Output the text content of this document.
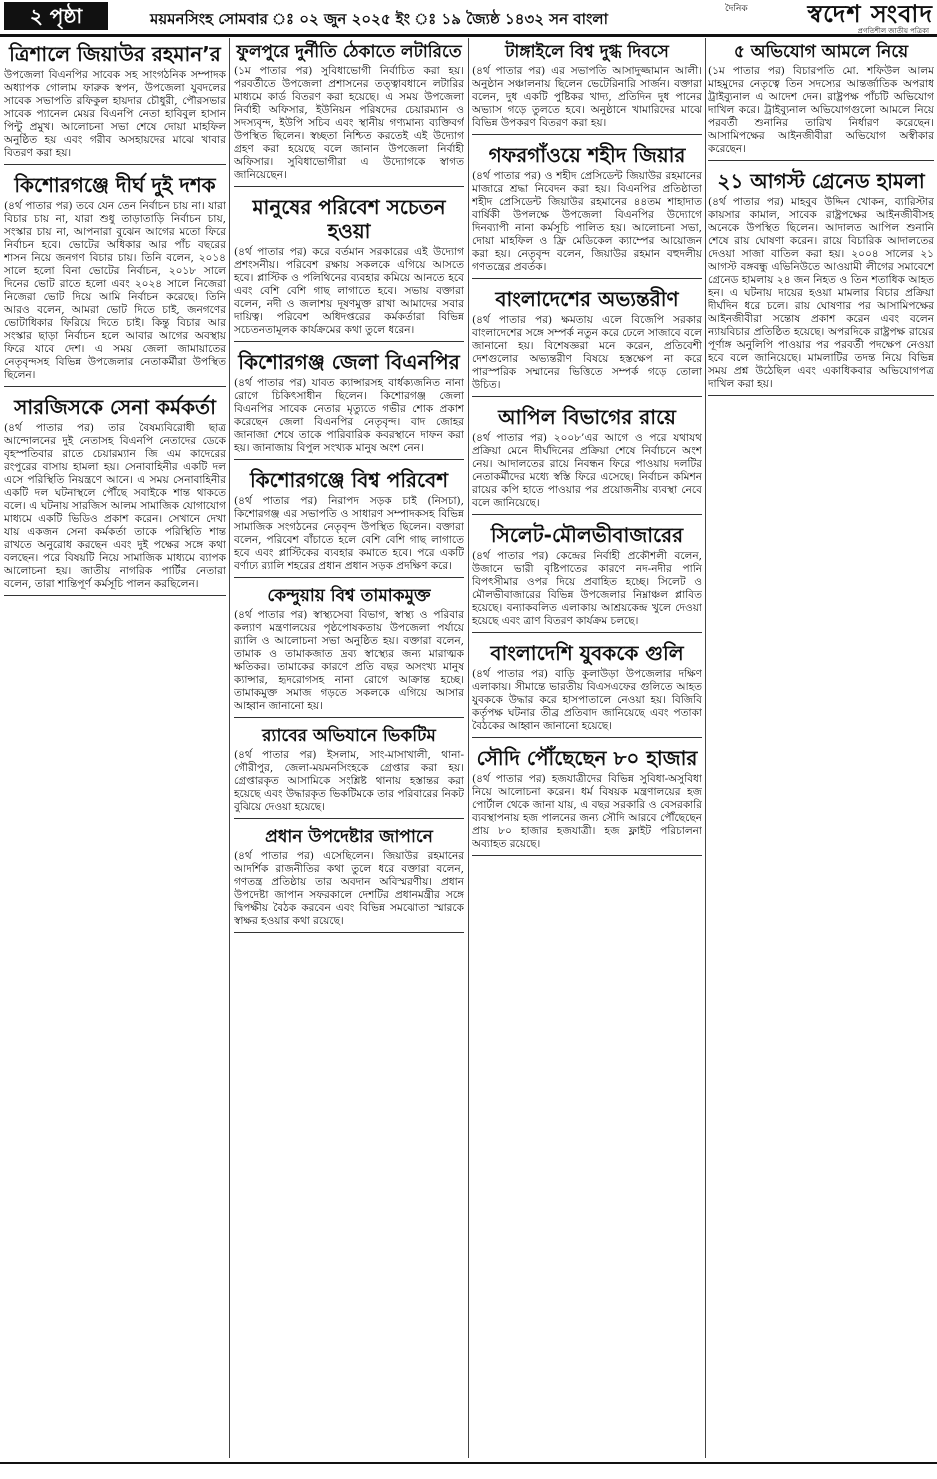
২ পৃষ্ঠা	ময়মনসিংহ সোমবার ঃ ০২ জুন ২০২৫ ইং ঃ ১৯ জ্যৈষ্ঠ ১৪৩২ সন বাংলা
দৈনিক	স্বদেশ সংবাদ
প্রগতিশীল জাতীয় পত্রিকা
ত্রিশালে জিয়াউর রহমান’র

উপজেলা বিএনপির সাবেক সহ সাংগঠনিক সম্পাদক অধ্যাপক গোলাম ফারুক স্বপন, উপজেলা যুবদলের সাবেক সভাপতি রফিকুল হায়দার চৌধুরী, পৌরসভার সাবেক প্যানেল মেয়র বিএনপি নেতা হাবিবুল হাসান পিন্টু প্রমুখ। আলোচনা সভা শেষে দোয়া মাহফিল অনুষ্ঠিত হয় এবং গরীব অসহায়দের মাঝে খাবার বিতরণ করা হয়।

কিশোরগঞ্জে দীর্ঘ দুই দশক

(৪র্থ পাতার পর) তবে যেন তেন নির্বাচন চায় না। যারা বিচার চায় না, যারা শুধু তাড়াতাড়ি নির্বাচন চায়, সংস্কার চায় না, আপনারা বুঝেন আগের মতো ফিরে নির্বাচন হবে। ভোটের অধিকার আর পাঁচ বছরের শাসন নিয়ে জনগণ বিচার চায়। তিনি বলেন, ২০১৪ সালে হলো বিনা ভোটের নির্বাচন, ২০১৮ সালে দিনের ভোট রাতে হলো এবং ২০২৪ সালে নিজেরা নিজেরা ভোট দিয়ে আমি নির্বাচন করেছে। তিনি আরও বলেন, আমরা ভোট দিতে চাই, জনগণের ভোটাধিকার ফিরিয়ে দিতে চাই। কিন্তু বিচার আর সংস্কার ছাড়া নির্বাচন হলে আবার আগের অবস্থায় ফিরে যাবে দেশ। এ সময় জেলা জামায়াতের নেতৃবৃন্দসহ বিভিন্ন উপজেলার নেতাকর্মীরা উপস্থিত ছিলেন।

সারজিসকে সেনা কর্মকর্তা

(৪র্থ পাতার পর) তার বৈষম্যবিরোধী ছাত্র আন্দোলনের দুই নেতাসহ বিএনপি নেতাদের ডেকে বৃহস্পতিবার রাতে চেয়ারম্যান জি এম কাদেরের রংপুরের বাসায় হামলা হয়। সেনাবাহিনীর একটি দল এসে পরিস্থিতি নিয়ন্ত্রণে আনে। এ সময় সেনাবাহিনীর একটি দল ঘটনাস্থলে পৌঁছে সবাইকে শান্ত থাকতে বলে। এ ঘটনায় সারজিস আলম সামাজিক যোগাযোগ মাধ্যমে একটি ভিডিও প্রকাশ করেন। সেখানে দেখা যায় একজন সেনা কর্মকর্তা তাকে পরিস্থিতি শান্ত রাখতে অনুরোধ করছেন এবং দুই পক্ষের সঙ্গে কথা বলছেন। পরে বিষয়টি নিয়ে সামাজিক মাধ্যমে ব্যাপক আলোচনা হয়। জাতীয় নাগরিক পার্টির নেতারা বলেন, তারা শান্তিপূর্ণ কর্মসূচি পালন করছিলেন।

ফুলপুরে দুর্নীতি ঠেকাতে লটারিতে

(১ম পাতার পর) সুবিধাভোগী নির্বাচিত করা হয়। পরবর্তীতে উপজেলা প্রশাসনের তত্ত্বাবধানে লটারির মাধ্যমে কার্ড বিতরণ করা হয়েছে। এ সময় উপজেলা নির্বাহী অফিসার, ইউনিয়ন পরিষদের চেয়ারম্যান ও সদস্যবৃন্দ, ইউপি সচিব এবং স্থানীয় গণ্যমান্য ব্যক্তিবর্গ উপস্থিত ছিলেন। স্বচ্ছতা নিশ্চিত করতেই এই উদ্যোগ গ্রহণ করা হয়েছে বলে জানান উপজেলা নির্বাহী অফিসার। সুবিধাভোগীরা এ উদ্যোগকে স্বাগত জানিয়েছেন।

মানুষের পরিবেশ সচেতন হওয়া

(৪র্থ পাতার পর) করে বর্তমান সরকারের এই উদ্যোগ প্রশংসনীয়। পরিবেশ রক্ষায় সকলকে এগিয়ে আসতে হবে। প্লাস্টিক ও পলিথিনের ব্যবহার কমিয়ে আনতে হবে এবং বেশি বেশি গাছ লাগাতে হবে। সভায় বক্তারা বলেন, নদী ও জলাশয় দূষণমুক্ত রাখা আমাদের সবার দায়িত্ব। পরিবেশ অধিদপ্তরের কর্মকর্তারা বিভিন্ন সচেতনতামূলক কার্যক্রমের কথা তুলে ধরেন।

কিশোরগঞ্জ জেলা বিএনপির

(৪র্থ পাতার পর) যাবত ক্যান্সারসহ বার্ধক্যজনিত নানা রোগে চিকিৎসাধীন ছিলেন। কিশোরগঞ্জ জেলা বিএনপির সাবেক নেতার মৃত্যুতে গভীর শোক প্রকাশ করেছেন জেলা বিএনপির নেতৃবৃন্দ। বাদ জোহর জানাজা শেষে তাকে পারিবারিক কবরস্থানে দাফন করা হয়। জানাজায় বিপুল সংখ্যক মানুষ অংশ নেন।

কিশোরগঞ্জে বিশ্ব পরিবেশ

(৪র্থ পাতার পর) নিরাপদ সড়ক চাই (নিসচা), কিশোরগঞ্জ এর সভাপতি ও সাধারণ সম্পাদকসহ বিভিন্ন সামাজিক সংগঠনের নেতৃবৃন্দ উপস্থিত ছিলেন। বক্তারা বলেন, পরিবেশ বাঁচাতে হলে বেশি বেশি গাছ লাগাতে হবে এবং প্লাস্টিকের ব্যবহার কমাতে হবে। পরে একটি বর্ণাঢ্য র‍্যালি শহরের প্রধান প্রধান সড়ক প্রদক্ষিণ করে।

কেন্দুয়ায় বিশ্ব তামাকমুক্ত

(৪র্থ পাতার পর) স্বাস্থ্যসেবা বিভাগ, স্বাস্থ্য ও পরিবার কল্যাণ মন্ত্রণালয়ের পৃষ্ঠপোষকতায় উপজেলা পর্যায়ে র‍্যালি ও আলোচনা সভা অনুষ্ঠিত হয়। বক্তারা বলেন, তামাক ও তামাকজাত দ্রব্য স্বাস্থ্যের জন্য মারাত্মক ক্ষতিকর। তামাকের কারণে প্রতি বছর অসংখ্য মানুষ ক্যান্সার, হৃদরোগসহ নানা রোগে আক্রান্ত হচ্ছে। তামাকমুক্ত সমাজ গড়তে সকলকে এগিয়ে আসার আহ্বান জানানো হয়।

র‍্যাবের অভিযানে ভিকটিম

(৪র্থ পাতার পর) ইসলাম, সাং-মাসাখালী, থানা-গৌরীপুর, জেলা-ময়মনসিংহকে গ্রেপ্তার করা হয়। গ্রেপ্তারকৃত আসামিকে সংশ্লিষ্ট থানায় হস্তান্তর করা হয়েছে এবং উদ্ধারকৃত ভিকটিমকে তার পরিবারের নিকট বুঝিয়ে দেওয়া হয়েছে।

প্রধান উপদেষ্টার জাপানে

(৪র্থ পাতার পর) এসেছিলেন। জিয়াউর রহমানের আদর্শিক রাজনীতির কথা তুলে ধরে বক্তারা বলেন, গণতন্ত্র প্রতিষ্ঠায় তার অবদান অবিস্মরণীয়। প্রধান উপদেষ্টা জাপান সফরকালে দেশটির প্রধানমন্ত্রীর সঙ্গে দ্বিপক্ষীয় বৈঠক করবেন এবং বিভিন্ন সমঝোতা স্মারকে স্বাক্ষর হওয়ার কথা রয়েছে।

টাঙ্গাইলে বিশ্ব দুগ্ধ দিবসে

(৪র্থ পাতার পর) এর সভাপতি আসাদুজ্জামান আলী। অনুষ্ঠান সঞ্চালনায় ছিলেন ভেটেরিনারি সার্জন। বক্তারা বলেন, দুধ একটি পুষ্টিকর খাদ্য, প্রতিদিন দুধ পানের অভ্যাস গড়ে তুলতে হবে। অনুষ্ঠানে খামারিদের মাঝে বিভিন্ন উপকরণ বিতরণ করা হয়।

গফরগাঁওয়ে শহীদ জিয়ার

(৪র্থ পাতার পর) ও শহীদ প্রেসিডেন্ট জিয়াউর রহমানের মাজারে শ্রদ্ধা নিবেদন করা হয়। বিএনপির প্রতিষ্ঠাতা শহীদ প্রেসিডেন্ট জিয়াউর রহমানের ৪৪তম শাহাদাত বার্ষিকী উপলক্ষে উপজেলা বিএনপির উদ্যোগে দিনব্যাপী নানা কর্মসূচি পালিত হয়। আলোচনা সভা, দোয়া মাহফিল ও ফ্রি মেডিকেল ক্যাম্পের আয়োজন করা হয়। নেতৃবৃন্দ বলেন, জিয়াউর রহমান বহুদলীয় গণতন্ত্রের প্রবর্তক।

বাংলাদেশের অভ্যন্তরীণ

(৪র্থ পাতার পর) ক্ষমতায় এলে বিজেপি সরকার বাংলাদেশের সঙ্গে সম্পর্ক নতুন করে ঢেলে সাজাবে বলে জানানো হয়। বিশেষজ্ঞরা মনে করেন, প্রতিবেশী দেশগুলোর অভ্যন্তরীণ বিষয়ে হস্তক্ষেপ না করে পারস্পরিক সম্মানের ভিত্তিতে সম্পর্ক গড়ে তোলা উচিত।

আপিল বিভাগের রায়ে

(৪র্থ পাতার পর) ২০০৮’এর আগে ও পরে যথাযথ প্রক্রিয়া মেনে দীর্ঘদিনের প্রক্রিয়া শেষে নির্বাচনে অংশ নেয়। আদালতের রায়ে নিবন্ধন ফিরে পাওয়ায় দলটির নেতাকর্মীদের মধ্যে স্বস্তি ফিরে এসেছে। নির্বাচন কমিশন রায়ের কপি হাতে পাওয়ার পর প্রয়োজনীয় ব্যবস্থা নেবে বলে জানিয়েছে।

সিলেট-মৌলভীবাজারের

(৪র্থ পাতার পর) কেন্দ্রের নির্বাহী প্রকৌশলী বলেন, উজানে ভারী বৃষ্টিপাতের কারণে নদ-নদীর পানি বিপৎসীমার ওপর দিয়ে প্রবাহিত হচ্ছে। সিলেট ও মৌলভীবাজারের বিভিন্ন উপজেলার নিম্নাঞ্চল প্লাবিত হয়েছে। বন্যাকবলিত এলাকায় আশ্রয়কেন্দ্র খুলে দেওয়া হয়েছে এবং ত্রাণ বিতরণ কার্যক্রম চলছে।

বাংলাদেশি যুবককে গুলি

(৪র্থ পাতার পর) বাড়ি কুলাউড়া উপজেলার দক্ষিণ এলাকায়। সীমান্তে ভারতীয় বিএসএফের গুলিতে আহত যুবককে উদ্ধার করে হাসপাতালে নেওয়া হয়। বিজিবি কর্তৃপক্ষ ঘটনার তীব্র প্রতিবাদ জানিয়েছে এবং পতাকা বৈঠকের আহ্বান জানানো হয়েছে।

সৌদি পৌঁছেছেন ৮০ হাজার

(৪র্থ পাতার পর) হজযাত্রীদের বিভিন্ন সুবিধা-অসুবিধা নিয়ে আলোচনা করেন। ধর্ম বিষয়ক মন্ত্রণালয়ের হজ পোর্টাল থেকে জানা যায়, এ বছর সরকারি ও বেসরকারি ব্যবস্থাপনায় হজ পালনের জন্য সৌদি আরবে পৌঁছেছেন প্রায় ৮০ হাজার হজযাত্রী। হজ ফ্লাইট পরিচালনা অব্যাহত রয়েছে।

৫ অভিযোগ আমলে নিয়ে

(১ম পাতার পর) বিচারপতি মো. শফিউল আলম মাহমুদের নেতৃত্বে তিন সদস্যের আন্তর্জাতিক অপরাধ ট্রাইব্যুনাল এ আদেশ দেন। রাষ্ট্রপক্ষ পাঁচটি অভিযোগ দাখিল করে। ট্রাইব্যুনাল অভিযোগগুলো আমলে নিয়ে পরবর্তী শুনানির তারিখ নির্ধারণ করেছেন। আসামিপক্ষের আইনজীবীরা অভিযোগ অস্বীকার করেছেন।

২১ আগস্ট গ্রেনেড হামলা

(৪র্থ পাতার পর) মাহবুব উদ্দিন খোকন, ব্যারিস্টার কায়সার কামাল, সাবেক রাষ্ট্রপক্ষের আইনজীবীসহ অনেকে উপস্থিত ছিলেন। আদালত আপিল শুনানি শেষে রায় ঘোষণা করেন। রায়ে বিচারিক আদালতের দেওয়া সাজা বাতিল করা হয়। ২০০৪ সালের ২১ আগস্ট বঙ্গবন্ধু এভিনিউতে আওয়ামী লীগের সমাবেশে গ্রেনেড হামলায় ২৪ জন নিহত ও তিন শতাধিক আহত হন। এ ঘটনায় দায়ের হওয়া মামলার বিচার প্রক্রিয়া দীর্ঘদিন ধরে চলে। রায় ঘোষণার পর আসামিপক্ষের আইনজীবীরা সন্তোষ প্রকাশ করেন এবং বলেন ন্যায়বিচার প্রতিষ্ঠিত হয়েছে। অপরদিকে রাষ্ট্রপক্ষ রায়ের পূর্ণাঙ্গ অনুলিপি পাওয়ার পর পরবর্তী পদক্ষেপ নেওয়া হবে বলে জানিয়েছে। মামলাটির তদন্ত নিয়ে বিভিন্ন সময় প্রশ্ন উঠেছিল এবং একাধিকবার অভিযোগপত্র দাখিল করা হয়।
